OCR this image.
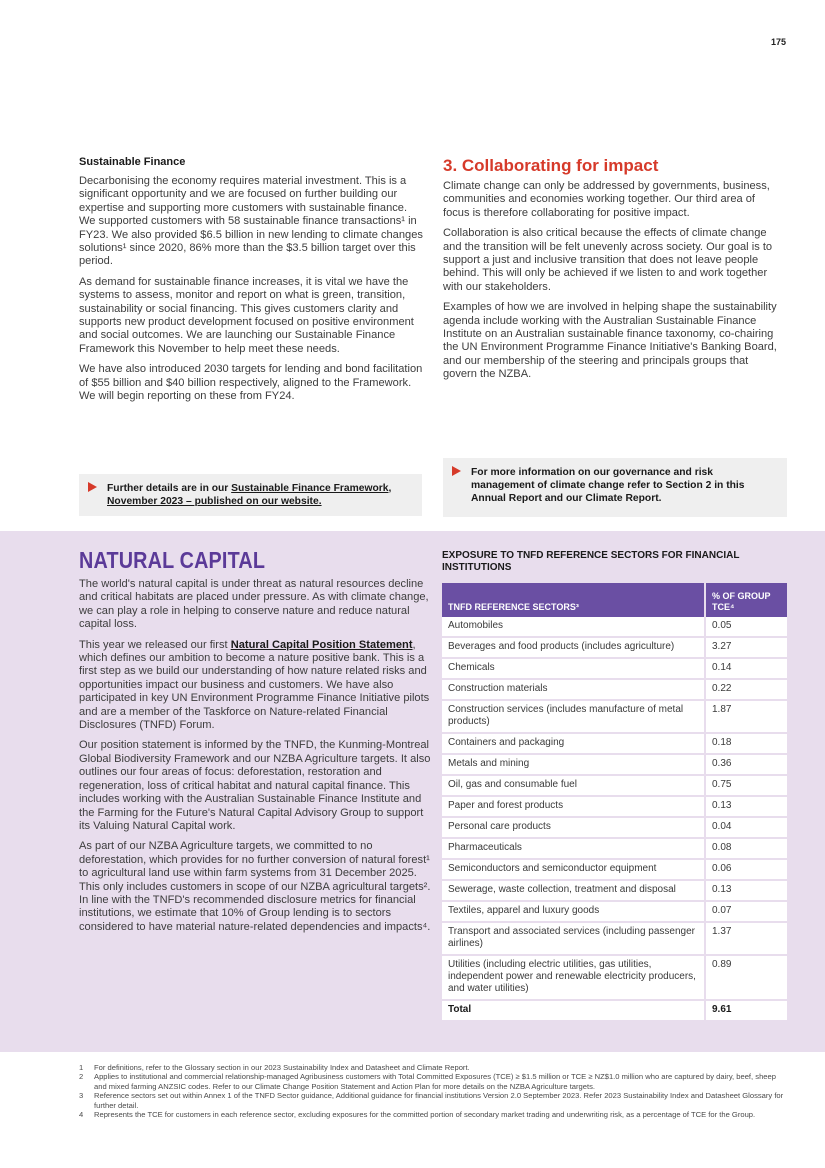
175
Sustainable Finance

Decarbonising the economy requires material investment. This is a significant opportunity and we are focused on further building our expertise and supporting more customers with sustainable finance. We supported customers with 58 sustainable finance transactions¹ in FY23. We also provided $6.5 billion in new lending to climate changes solutions¹ since 2020, 86% more than the $3.5 billion target over this period.

As demand for sustainable finance increases, it is vital we have the systems to assess, monitor and report on what is green, transition, sustainability or social financing. This gives customers clarity and supports new product development focused on positive environment and social outcomes. We are launching our Sustainable Finance Framework this November to help meet these needs.

We have also introduced 2030 targets for lending and bond facilitation of $55 billion and $40 billion respectively, aligned to the Framework. We will begin reporting on these from FY24.

Further details are in our Sustainable Finance Framework, November 2023 – published on our website.
3. Collaborating for impact

Climate change can only be addressed by governments, business, communities and economies working together. Our third area of focus is therefore collaborating for positive impact.

Collaboration is also critical because the effects of climate change and the transition will be felt unevenly across society. Our goal is to support a just and inclusive transition that does not leave people behind. This will only be achieved if we listen to and work together with our stakeholders.

Examples of how we are involved in helping shape the sustainability agenda include working with the Australian Sustainable Finance Institute on an Australian sustainable finance taxonomy, co-chairing the UN Environment Programme Finance Initiative's Banking Board, and our membership of the steering and principals groups that govern the NZBA.

For more information on our governance and risk management of climate change refer to Section 2 in this Annual Report and our Climate Report.
NATURAL CAPITAL

The world's natural capital is under threat as natural resources decline and critical habitats are placed under pressure. As with climate change, we can play a role in helping to conserve nature and reduce natural capital loss.

This year we released our first Natural Capital Position Statement, which defines our ambition to become a nature positive bank. This is a first step as we build our understanding of how nature related risks and opportunities impact our business and customers. We have also participated in key UN Environment Programme Finance Initiative pilots and are a member of the Taskforce on Nature-related Financial Disclosures (TNFD) Forum.

Our position statement is informed by the TNFD, the Kunming-Montreal Global Biodiversity Framework and our NZBA Agriculture targets. It also outlines our four areas of focus: deforestation, restoration and regeneration, loss of critical habitat and natural capital finance. This includes working with the Australian Sustainable Finance Institute and the Farming for the Future's Natural Capital Advisory Group to support its Valuing Natural Capital work.

As part of our NZBA Agriculture targets, we committed to no deforestation, which provides for no further conversion of natural forest¹ to agricultural land use within farm systems from 31 December 2025. This only includes customers in scope of our NZBA agricultural targets². In line with the TNFD's recommended disclosure metrics for financial institutions, we estimate that 10% of Group lending is to sectors considered to have material nature-related dependencies and impacts⁴.

EXPOSURE TO TNFD REFERENCE SECTORS FOR FINANCIAL INSTITUTIONS
TNFD REFERENCE SECTORS³	% OF GROUP TCE⁴
Automobiles	0.05
Beverages and food products (includes agriculture)	3.27
Chemicals	0.14
Construction materials	0.22
Construction services (includes manufacture of metal products)	1.87
Containers and packaging	0.18
Metals and mining	0.36
Oil, gas and consumable fuel	0.75
Paper and forest products	0.13
Personal care products	0.04
Pharmaceuticals	0.08
Semiconductors and semiconductor equipment	0.06
Sewerage, waste collection, treatment and disposal	0.13
Textiles, apparel and luxury goods	0.07
Transport and associated services (including passenger airlines)	1.37
Utilities (including electric utilities, gas utilities, independent power and renewable electricity producers, and water utilities)	0.89
Total	9.61
1 For definitions, refer to the Glossary section in our 2023 Sustainability Index and Datasheet and Climate Report.
2 Applies to institutional and commercial relationship-managed Agribusiness customers with Total Committed Exposures (TCE) ≥ $1.5 million or TCE ≥ NZ$1.0 million who are captured by dairy, beef, sheep and mixed farming ANZSIC codes. Refer to our Climate Change Position Statement and Action Plan for more details on the NZBA Agriculture targets.
3 Reference sectors set out within Annex 1 of the TNFD Sector guidance, Additional guidance for financial institutions Version 2.0 September 2023. Refer 2023 Sustainability Index and Datasheet Glossary for further detail.
4 Represents the TCE for customers in each reference sector, excluding exposures for the committed portion of secondary market trading and underwriting risk, as a percentage of TCE for the Group.
